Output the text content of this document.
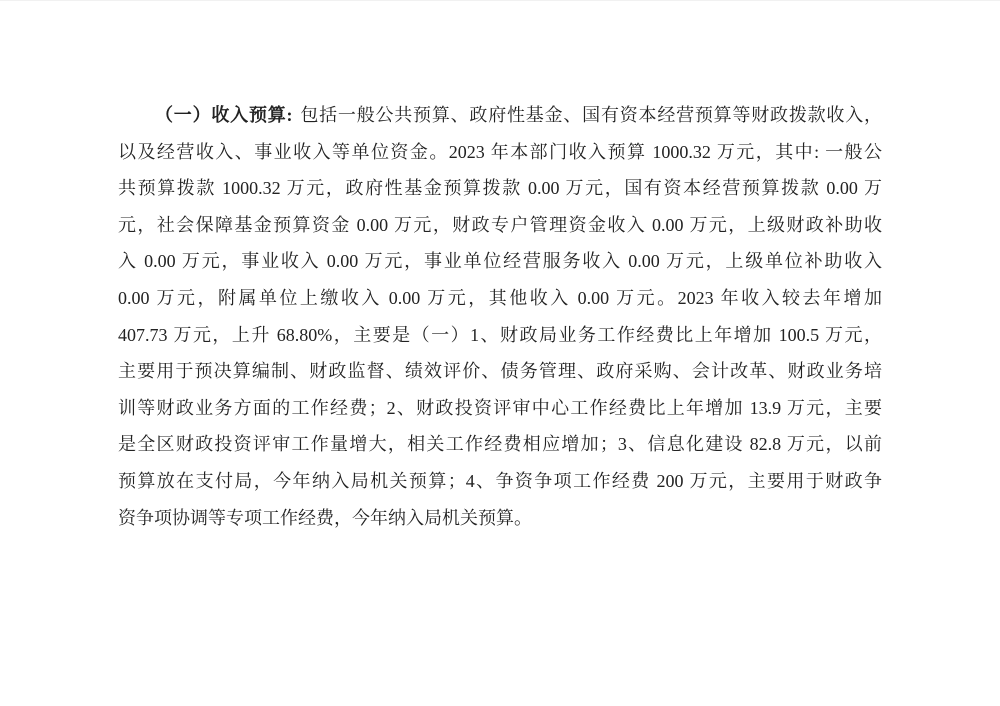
（一）收入预算: 包括一般公共预算、政府性基金、国有资本经营预算等财政拨款收入，
以及经营收入、事业收入等单位资金。2023 年本部门收入预算 1000.32 万元，其中: 一般公
共预算拨款 1000.32 万元，政府性基金预算拨款 0.00 万元，国有资本经营预算拨款 0.00 万
元，社会保障基金预算资金 0.00 万元，财政专户管理资金收入 0.00 万元，上级财政补助收
入 0.00 万元，事业收入 0.00 万元，事业单位经营服务收入 0.00 万元，上级单位补助收入
0.00 万元，附属单位上缴收入 0.00 万元，其他收入 0.00 万元。2023 年收入较去年增加
407.73 万元，上升 68.80%，主要是（一）1、财政局业务工作经费比上年增加 100.5 万元，
主要用于预决算编制、财政监督、绩效评价、债务管理、政府采购、会计改革、财政业务培
训等财政业务方面的工作经费；2、财政投资评审中心工作经费比上年增加 13.9 万元，主要
是全区财政投资评审工作量增大，相关工作经费相应增加；3、信息化建设 82.8 万元，以前
预算放在支付局，今年纳入局机关预算；4、争资争项工作经费 200 万元，主要用于财政争
资争项协调等专项工作经费，今年纳入局机关预算。
